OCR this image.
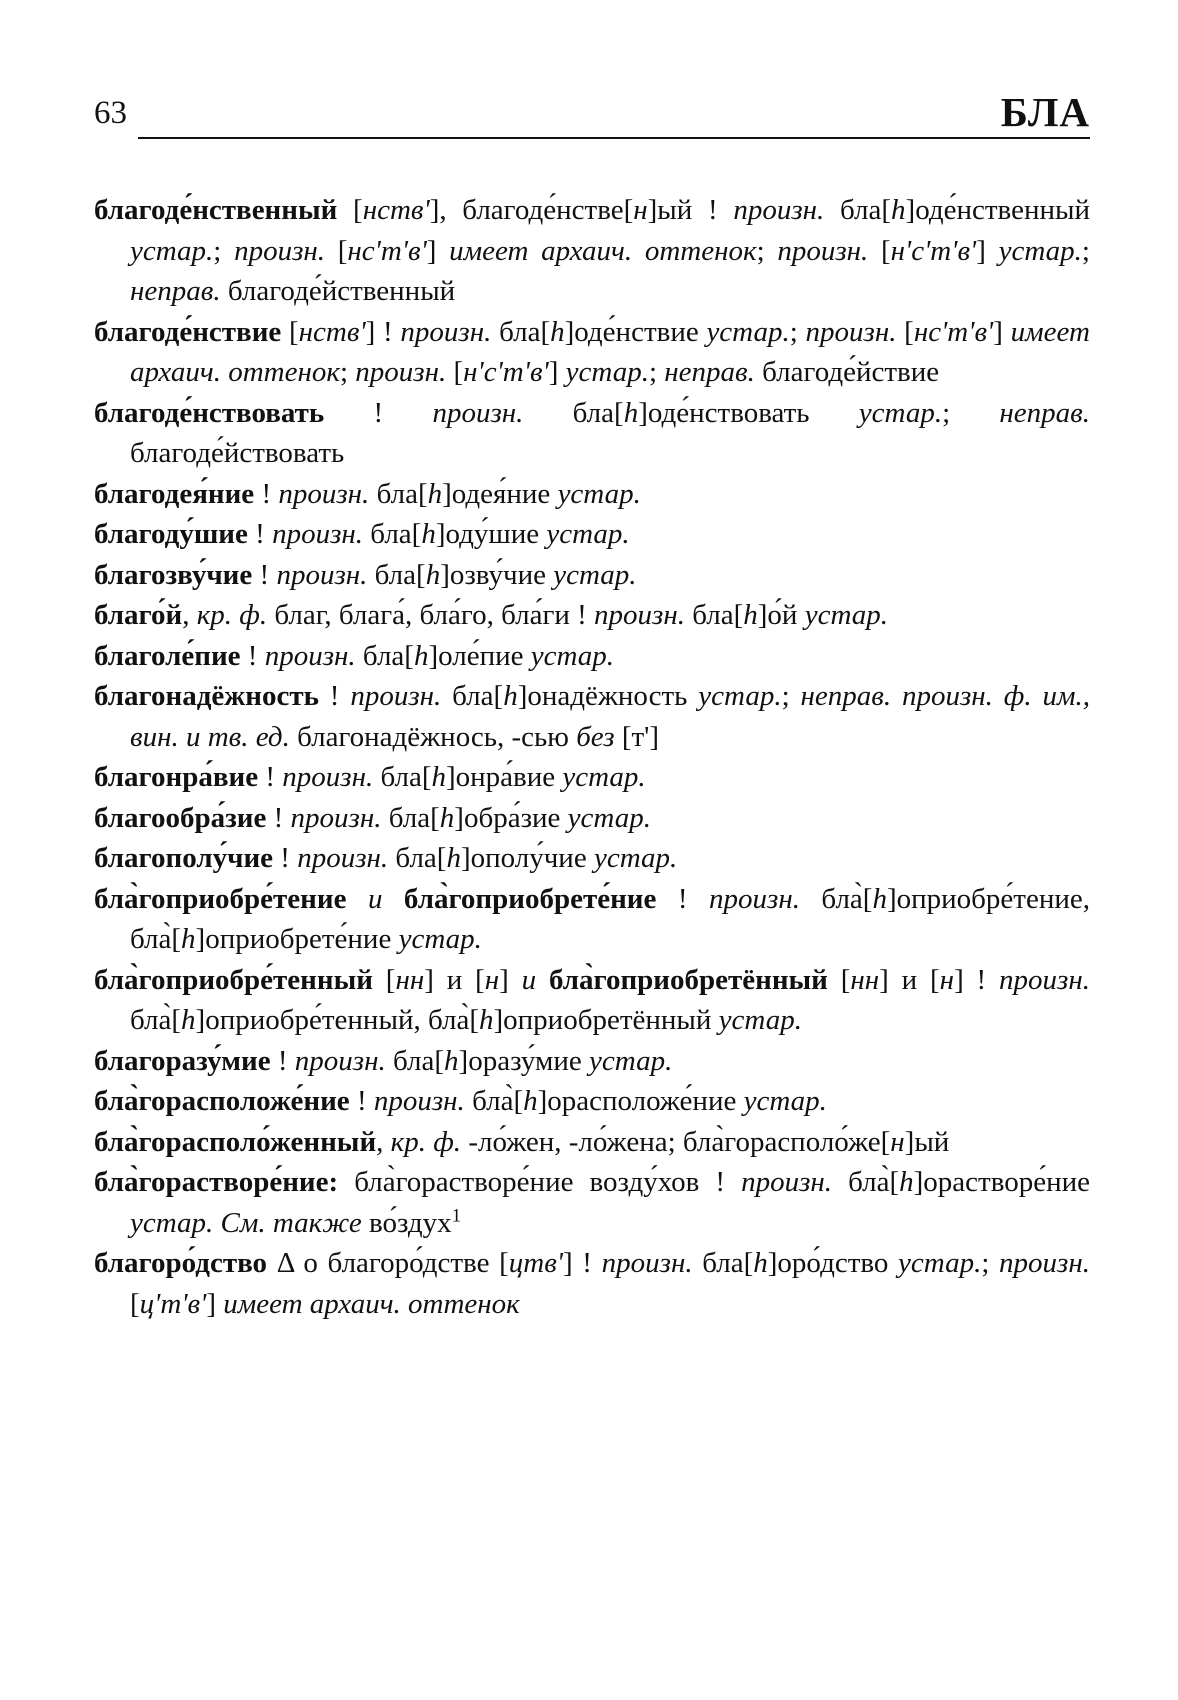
63	БЛА

благоде́нственный [нств'], благоде́нстве[н]ый ! произн. бла[h]оде́нственный устар.; произн. [нс'т'в'] имеет архаич. оттенок; произн. [н'с'т'в'] устар.; неправ. благоде́йственный

благоде́нствие [нств'] ! произн. бла[h]оде́нствие устар.; произн. [нс'т'в'] имеет архаич. оттенок; произн. [н'с'т'в'] устар.; неправ. благоде́йствие

благоде́нствовать ! произн. бла[h]оде́нствовать устар.; неправ. благоде́йствовать

благодея́ние ! произн. бла[h]одея́ние устар.

благоду́шие ! произн. бла[h]оду́шие устар.

благозву́чие ! произн. бла[h]озву́чие устар.

благо́й, кр. ф. благ, блага́, бла́го, бла́ги ! произн. бла[h]о́й устар.

благоле́пие ! произн. бла[h]оле́пие устар.

благонадёжность ! произн. бла[h]онадёжность устар.; неправ. произн. ф. им., вин. и тв. ед. благонадёжнось, -сью без [т']

благонра́вие ! произн. бла[h]онра́вие устар.

благообра́зие ! произн. бла[h]обра́зие устар.

благополу́чие ! произн. бла[h]ополу́чие устар.

бла̀гоприобре́тение и бла̀гоприобрете́ние ! произн. бла̀[h]оприобре́тение, бла̀[h]оприобрете́ние устар.

бла̀гоприобре́тенный [нн] и [н] и бла̀гоприобретённый [нн] и [н] ! произн. бла̀[h]оприобре́тенный, бла̀[h]оприобретённый устар.

благоразу́мие ! произн. бла[h]оразу́мие устар.

бла̀горасположе́ние ! произн. бла̀[h]орасположе́ние устар.

бла̀горасполо́женный, кр. ф. -ло́жен, -ло́жена; бла̀горасполо́же[н]ый

бла̀горастворе́ние: бла̀горастворе́ние возду́хов ! произн. бла̀[h]орастворе́ние устар. См. также во́здух$^1$

благоро́дство Δ о благоро́дстве [цтв'] ! произн. бла[h]оро́дство устар.; произн. [ц'т'в'] имеет архаич. оттенок
